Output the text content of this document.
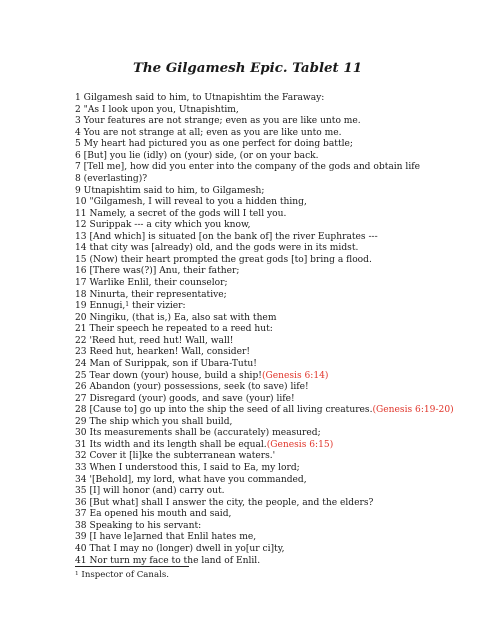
The Gilgamesh Epic. Tablet 11
1 Gilgamesh said to him, to Utnapishtim the Faraway:
2 "As I look upon you, Utnapishtim,
3 Your features are not strange; even as you are like unto me.
4 You are not strange at all; even as you are like unto me.
5 My heart had pictured you as one perfect for doing battle;
6 [But] you lie (idly) on (your) side, (or on your back.
7 [Tell me], how did you enter into the company of the gods and obtain life
8 (everlasting)?
9 Utnapishtim said to him, to Gilgamesh;
10 "Gilgamesh, I will reveal to you a hidden thing,
11 Namely, a secret of the gods will I tell you.
12 Surippak --- a city which you know,
13 [And which] is situated [on the bank of] the river Euphrates ---
14 that city was [already) old, and the gods were in its midst.
15 (Now) their heart prompted the great gods [to] bring a flood.
16 [There was(?)] Anu, their father;
17 Warlike Enlil, their counselor;
18 Ninurta, their representative;
19 Ennugi,$^1$ their vizier:
20 Ningiku, (that is,) Ea, also sat with them
21 Their speech he repeated to a reed hut:
22 'Reed hut, reed hut! Wall, wall!
23 Reed hut, hearken! Wall, consider!
24 Man of Surippak, son if Ubara-Tutu!
25 Tear down (your) house, build a ship!(Genesis 6:14)
26 Abandon (your) possessions, seek (to save) life!
27 Disregard (your) goods, and save (your) life!
28 [Cause to] go up into the ship the seed of all living creatures.(Genesis 6:19-20)
29 The ship which you shall build,
30 Its measurements shall be (accurately) measured;
31 Its width and its length shall be equal.(Genesis 6:15)
32 Cover it [li]ke the subterranean waters.'
33 When I understood this, I said to Ea, my lord;
34 '[Behold], my lord, what have you commanded,
35 [I] will honor (and) carry out.
36 [But what] shall I answer the city, the people, and the elders?
37 Ea opened his mouth and said,
38 Speaking to his servant:
39 [I have le]arned that Enlil hates me,
40 That I may no (longer) dwell in yo[ur ci]ty,
41 Nor turn my face to the land of Enlil.
$^1$ Inspector of Canals.
